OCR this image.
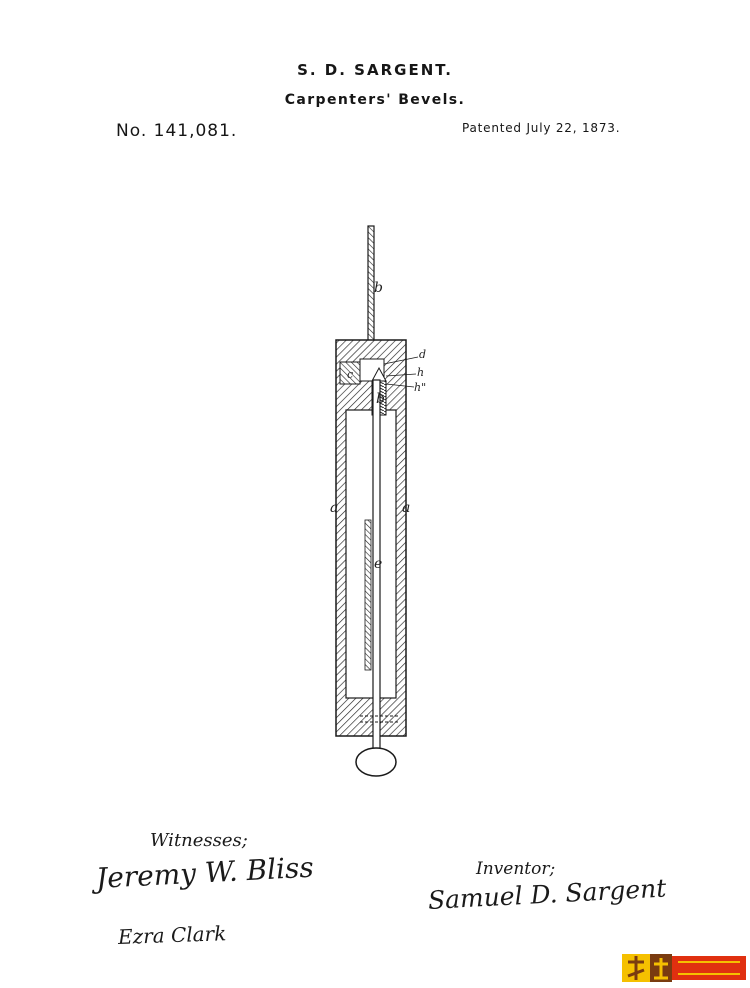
S. D. SARGENT.
Carpenters' Bevels.
No. 141,081.	Patented July 22, 1873.
b
d
h
h"
c
b
a	a
e
Witnesses;
Jeremy W. Bliss
Ezra Clark
Inventor;
Samuel D. Sargent
